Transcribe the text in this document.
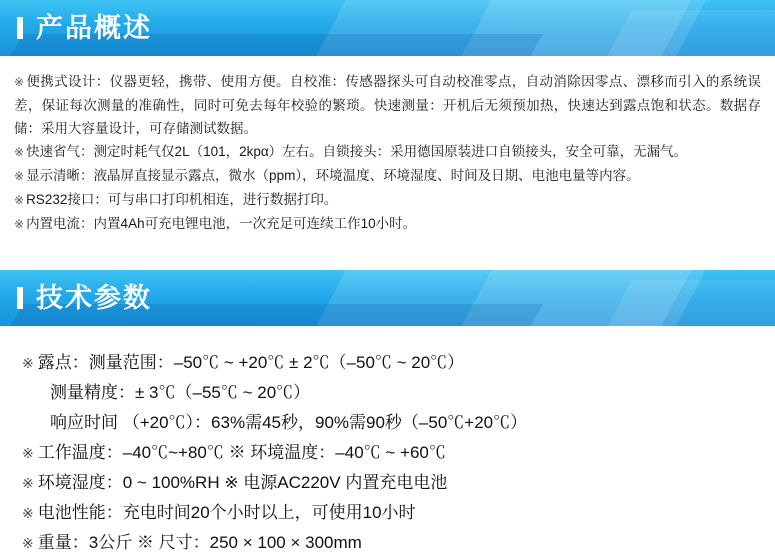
产品概述
※ 便携式设计：仪器更轻，携带、使用方便。自校准：传感器探头可自动校准零点，自动消除因零点、漂移而引入的系统误差，保证每次测量的准确性，同时可免去每年校验的繁琐。快速测量：开机后无须预加热，快速达到露点饱和状态。数据存储：采用大容量设计，可存储测试数据。
※ 快速省气：测定时耗气仅2L（101，2kpα）左右。自锁接头：采用德国原装进口自锁接头，安全可靠，无漏气。
※ 显示清晰：液晶屏直接显示露点，微水（ppm），环境温度、环境湿度、时间及日期、电池电量等内容。
※ RS232接口：可与串口打印机相连，进行数据打印。
※ 内置电流：内置4Ah可充电锂电池，一次充足可连续工作10小时。
技术参数
※ 露点：测量范围：–50℃ ~ +20℃ ± 2℃（–50℃ ~ 20℃）
测量精度：± 3℃（–55℃ ~ 20℃）
响应时间 （+20℃）：63%需45秒，90%需90秒（–50℃+20℃）
※ 工作温度：–40℃~+80℃ ※ 环境温度：–40℃ ~ +60℃
※ 环境湿度：0 ~ 100%RH ※ 电源AC220V 内置充电电池
※ 电池性能：充电时间20个小时以上，可使用10小时
※ 重量：3公斤 ※ 尺寸：250 × 100 × 300mm
